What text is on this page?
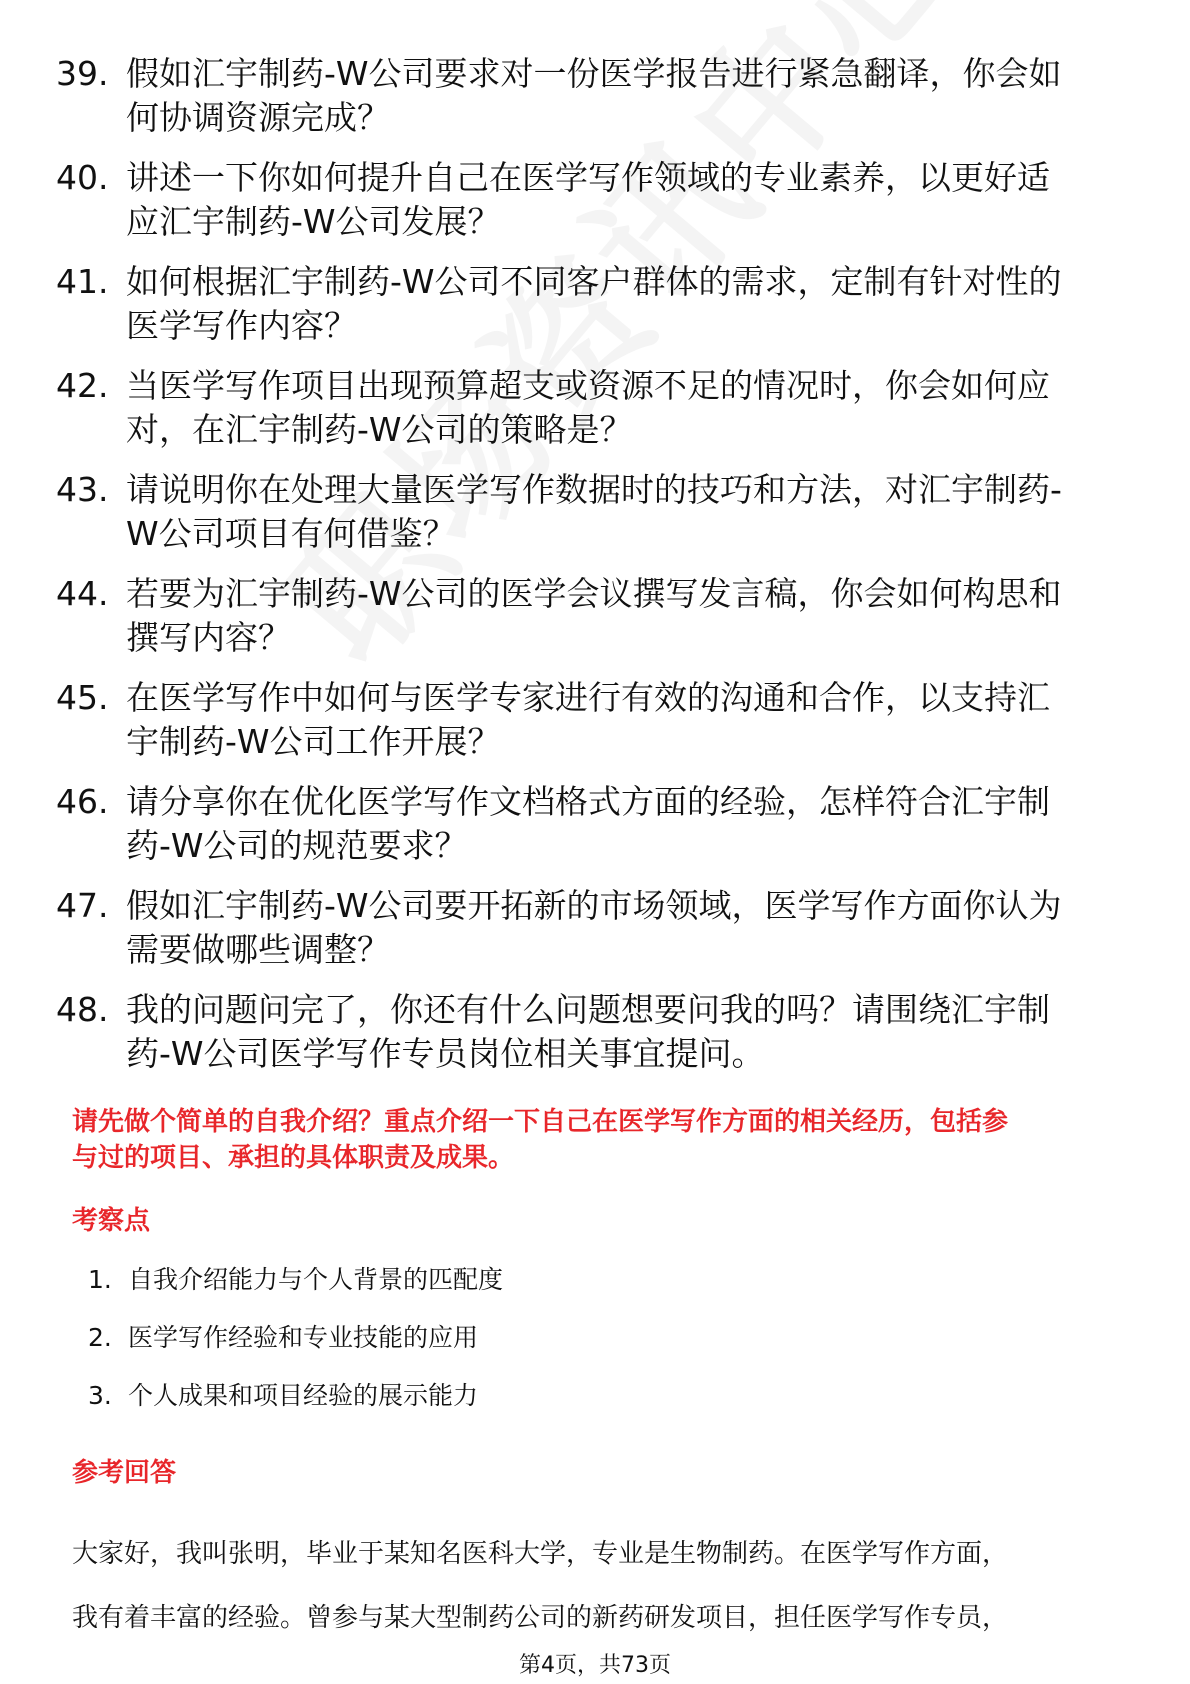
39. 假如汇宇制药-W公司要求对一份医学报告进行紧急翻译，你会如
何协调资源完成？
40. 讲述一下你如何提升自己在医学写作领域的专业素养，以更好适
应汇宇制药-W公司发展？
41. 如何根据汇宇制药-W公司不同客户群体的需求，定制有针对性的
医学写作内容？
42. 当医学写作项目出现预算超支或资源不足的情况时，你会如何应
对，在汇宇制药-W公司的策略是？
43. 请说明你在处理大量医学写作数据时的技巧和方法，对汇宇制药-
W公司项目有何借鉴？
44. 若要为汇宇制药-W公司的医学会议撰写发言稿，你会如何构思和
撰写内容？
45. 在医学写作中如何与医学专家进行有效的沟通和合作，以支持汇
宇制药-W公司工作开展？
46. 请分享你在优化医学写作文档格式方面的经验，怎样符合汇宇制
药-W公司的规范要求？
47. 假如汇宇制药-W公司要开拓新的市场领域，医学写作方面你认为
需要做哪些调整？
48. 我的问题问完了，你还有什么问题想要问我的吗？请围绕汇宇制
药-W公司医学写作专员岗位相关事宜提问。

请先做个简单的自我介绍？重点介绍一下自己在医学写作方面的相关经历，包括参
与过的项目、承担的具体职责及成果。

考察点
1. 自我介绍能力与个人背景的匹配度
2. 医学写作经验和专业技能的应用
3. 个人成果和项目经验的展示能力
参考回答

大家好，我叫张明，毕业于某知名医科大学，专业是生物制药。在医学写作方面，
我有着丰富的经验。曾参与某大型制药公司的新药研发项目，担任医学写作专员，

第4页，共73页
